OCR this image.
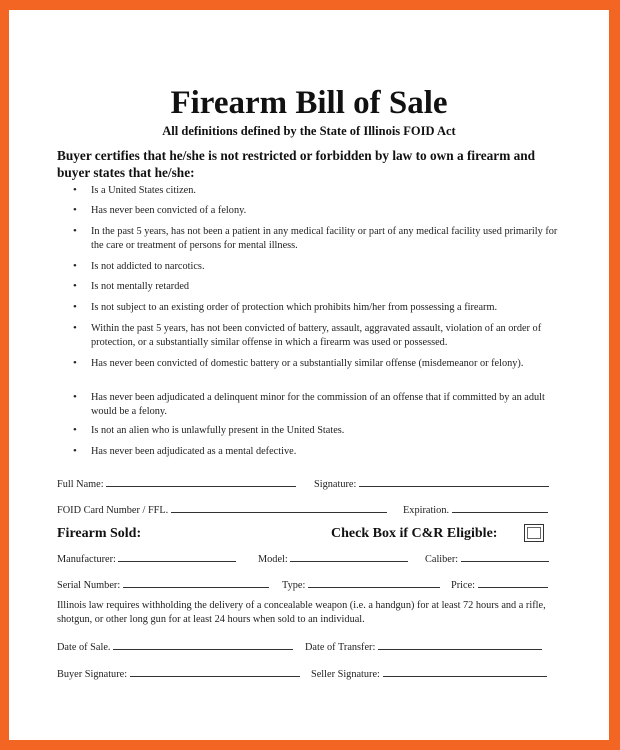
Firearm Bill of Sale
All definitions defined by the State of Illinois FOID Act
Buyer certifies that he/she is not restricted or forbidden by law to own a firearm and buyer states that he/she:
• Is a United States citizen.
• Has never been convicted of a felony.
• In the past 5 years, has not been a patient in any medical facility or part of any medical facility used primarily for the care or treatment of persons for mental illness.
• Is not addicted to narcotics.
• Is not mentally retarded
• Is not subject to an existing order of protection which prohibits him/her from possessing a firearm.
• Within the past 5 years, has not been convicted of battery, assault, aggravated assault, violation of an order of protection, or a substantially similar offense in which a firearm was used or possessed.
• Has never been convicted of domestic battery or a substantially similar offense (misdemeanor or felony).
• Has never been adjudicated a delinquent minor for the commission of an offense that if committed by an adult would be a felony.
• Is not an alien who is unlawfully present in the United States.
• Has never been adjudicated as a mental defective.
Full Name:	Signature:
FOID Card Number / FFL.	Expiration.
Firearm Sold:	Check Box if C&R Eligible:
Manufacturer:	Model:	Caliber:
Serial Number:	Type:	Price:
Illinois law requires withholding the delivery of a concealable weapon (i.e. a handgun) for at least 72 hours and a rifle, shotgun, or other long gun for at least 24 hours when sold to an individual.
Date of Sale.	Date of Transfer:
Buyer Signature:	Seller Signature:
